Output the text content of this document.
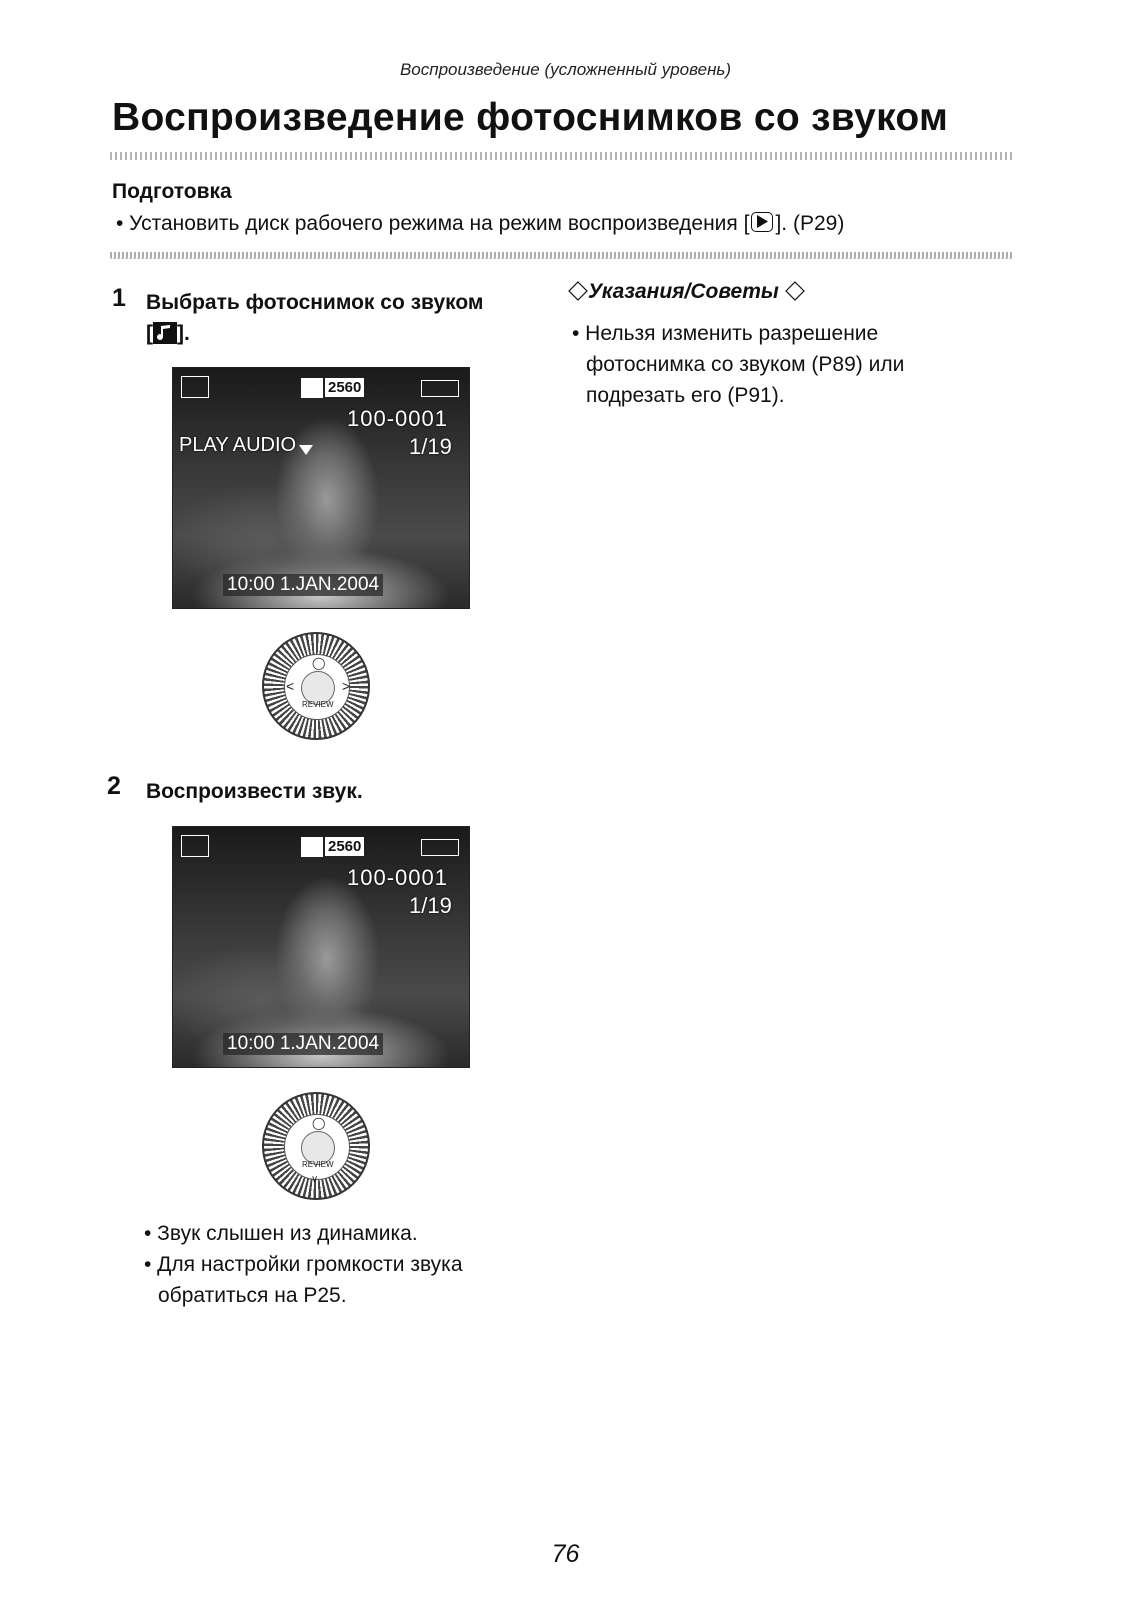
Воспроизведение (усложненный уровень)
Воспроизведение фотоснимков со звуком
Подготовка
• Установить диск рабочего режима на режим воспроизведения [ ]. (P29)
1 Выбрать фотоснимок со звуком
[ ].
2560
100-0001
PLAY AUDIO	1/19
10:00 1.JAN.2004
REVIEW
◯
<	>
2 Воспроизвести звук.
2560
100-0001
1/19
10:00 1.JAN.2004
REVIEW
◯
∨
• Звук слышен из динамика.
• Для настройки громкости звука
обратиться на P25.
Указания/Советы
• Нельзя изменить разрешение
фотоснимка со звуком (P89) или
подрезать его (P91).
76
